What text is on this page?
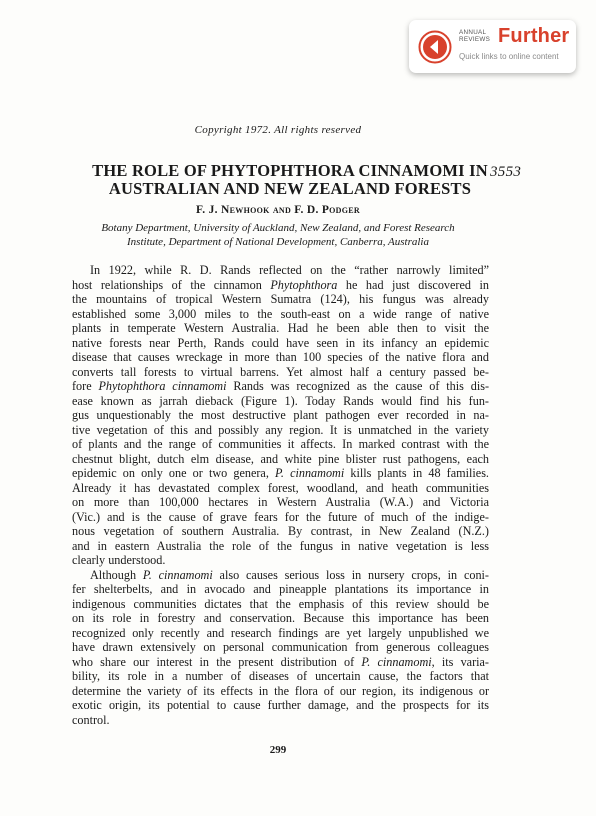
ANNUAL
REVIEWS Further
Quick links to online content
Copyright 1972. All rights reserved
THE ROLE OF PHYTOPHTHORA CINNAMOMI IN
AUSTRALIAN AND NEW ZEALAND FORESTS
3553
F. J. Newhook and F. D. Podger
Botany Department, University of Auckland, New Zealand, and Forest Research
Institute, Department of National Development, Canberra, Australia
In 1922, while R. D. Rands reflected on the “rather narrowly limited”
host relationships of the cinnamon Phytophthora he had just discovered in
the mountains of tropical Western Sumatra (124), his fungus was already
established some 3,000 miles to the south-east on a wide range of native
plants in temperate Western Australia. Had he been able then to visit the
native forests near Perth, Rands could have seen in its infancy an epidemic
disease that causes wreckage in more than 100 species of the native flora and
converts tall forests to virtual barrens. Yet almost half a century passed be-
fore Phytophthora cinnamomi Rands was recognized as the cause of this dis-
ease known as jarrah dieback (Figure 1). Today Rands would find his fun-
gus unquestionably the most destructive plant pathogen ever recorded in na-
tive vegetation of this and possibly any region. It is unmatched in the variety
of plants and the range of communities it affects. In marked contrast with the
chestnut blight, dutch elm disease, and white pine blister rust pathogens, each
epidemic on only one or two genera, P. cinnamomi kills plants in 48 families.
Already it has devastated complex forest, woodland, and heath communities
on more than 100,000 hectares in Western Australia (W.A.) and Victoria
(Vic.) and is the cause of grave fears for the future of much of the indige-
nous vegetation of southern Australia. By contrast, in New Zealand (N.Z.)
and in eastern Australia the role of the fungus in native vegetation is less
clearly understood.
Although P. cinnamomi also causes serious loss in nursery crops, in coni-
fer shelterbelts, and in avocado and pineapple plantations its importance in
indigenous communities dictates that the emphasis of this review should be
on its role in forestry and conservation. Because this importance has been
recognized only recently and research findings are yet largely unpublished we
have drawn extensively on personal communication from generous colleagues
who share our interest in the present distribution of P. cinnamomi, its varia-
bility, its role in a number of diseases of uncertain cause, the factors that
determine the variety of its effects in the flora of our region, its indigenous or
exotic origin, its potential to cause further damage, and the prospects for its
control.
299
